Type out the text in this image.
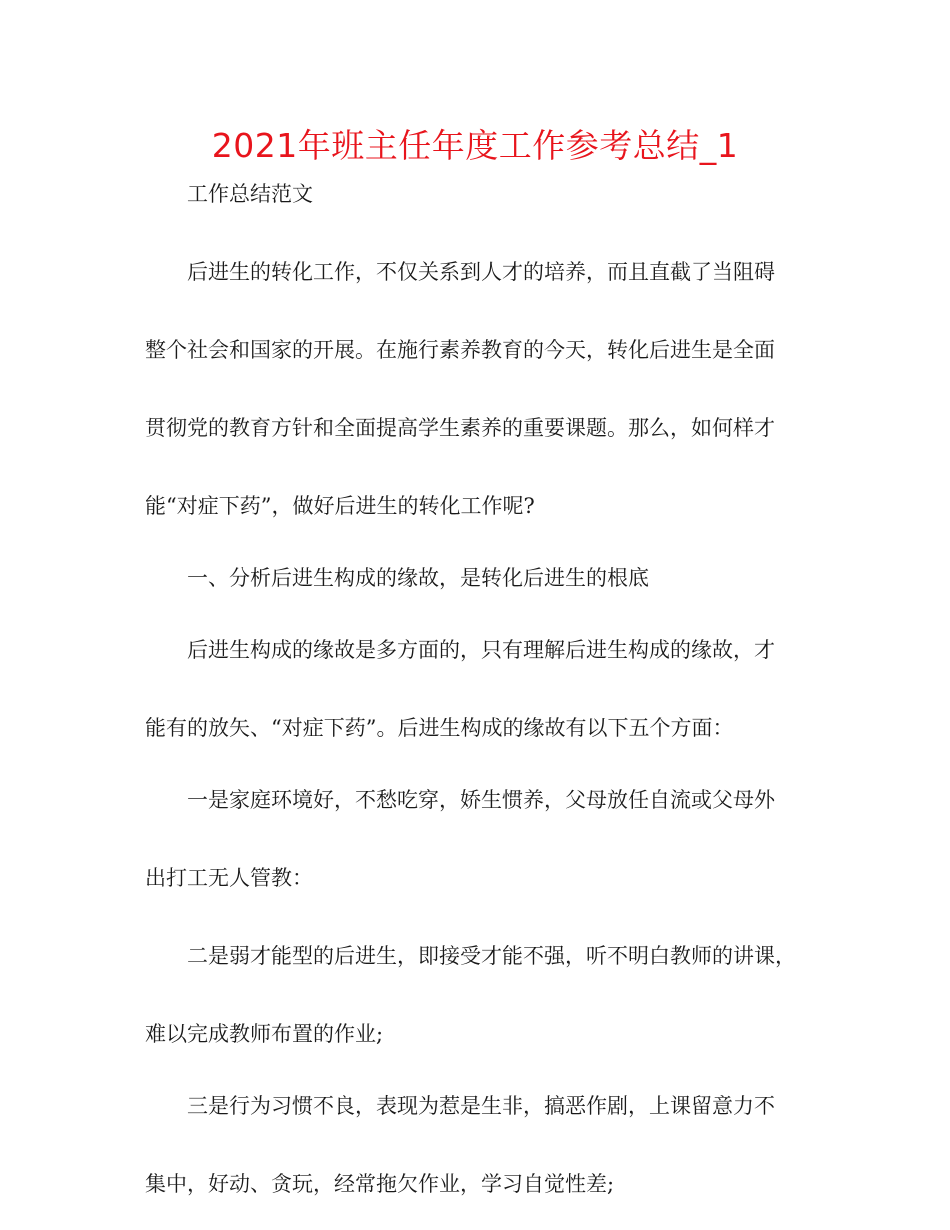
2021年班主任年度工作参考总结_1
工作总结范文
后进生的转化工作，不仅关系到人才的培养，而且直截了当阻碍
整个社会和国家的开展。在施行素养教育的今天，转化后进生是全面
贯彻党的教育方针和全面提高学生素养的重要课题。那么，如何样才
能“对症下药”，做好后进生的转化工作呢?
一、分析后进生构成的缘故，是转化后进生的根底
后进生构成的缘故是多方面的，只有理解后进生构成的缘故，才
能有的放矢、“对症下药”。后进生构成的缘故有以下五个方面：
一是家庭环境好，不愁吃穿，娇生惯养，父母放任自流或父母外
出打工无人管教：
二是弱才能型的后进生，即接受才能不强，听不明白教师的讲课，
难以完成教师布置的作业;
三是行为习惯不良，表现为惹是生非，搞恶作剧，上课留意力不
集中，好动、贪玩，经常拖欠作业，学习自觉性差;
